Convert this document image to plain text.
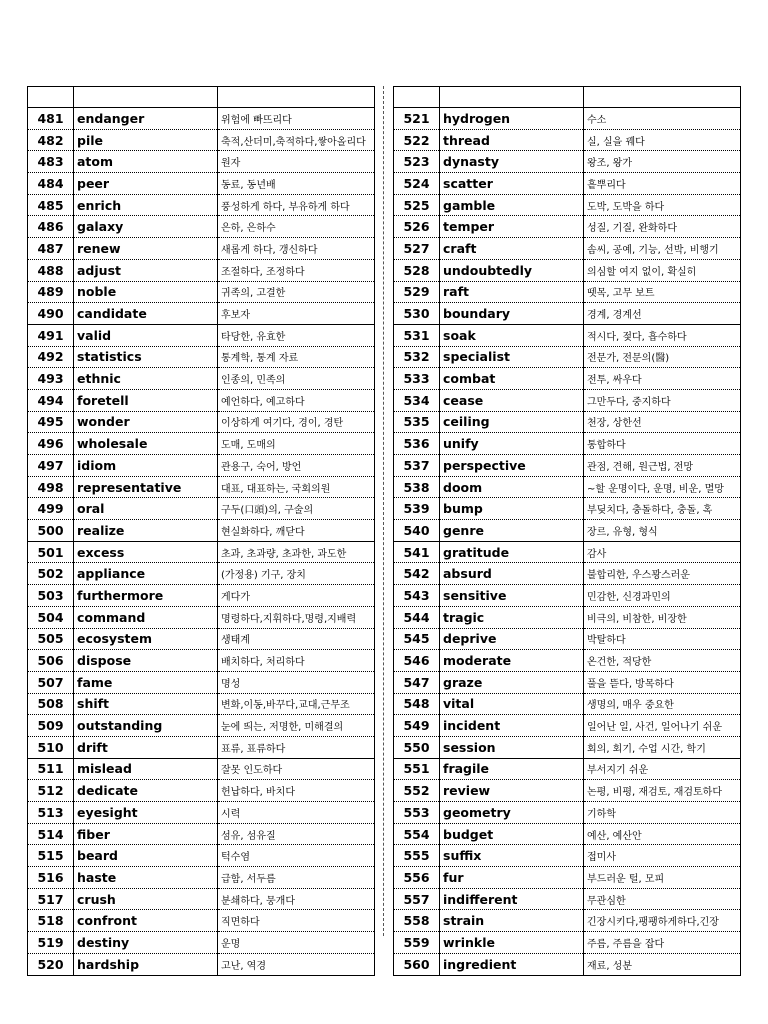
481	endanger	위험에 빠뜨리다
482	pile	축적,산더미,축적하다,쌓아올리다
483	atom	원자
484	peer	동료, 동년배
485	enrich	풍성하게 하다, 부유하게 하다
486	galaxy	은하, 은하수
487	renew	새롭게 하다, 갱신하다
488	adjust	조절하다, 조정하다
489	noble	귀족의, 고결한
490	candidate	후보자
491	valid	타당한, 유효한
492	statistics	통계학, 통계 자료
493	ethnic	인종의, 민족의
494	foretell	예언하다, 예고하다
495	wonder	이상하게 여기다, 경이, 경탄
496	wholesale	도매, 도매의
497	idiom	관용구, 숙어, 방언
498	representative	대표, 대표하는, 국회의원
499	oral	구두(口頭)의, 구술의
500	realize	현실화하다, 깨닫다
501	excess	초과, 초과량, 초과한, 과도한
502	appliance	(가정용) 기구, 장치
503	furthermore	게다가
504	command	명령하다,지휘하다,명령,지배력
505	ecosystem	생태계
506	dispose	배치하다, 처리하다
507	fame	명성
508	shift	변화,이동,바꾸다,교대,근무조
509	outstanding	눈에 띄는, 저명한, 미해결의
510	drift	표류, 표류하다
511	mislead	잘못 인도하다
512	dedicate	헌납하다, 바치다
513	eyesight	시력
514	fiber	섬유, 섬유질
515	beard	턱수염
516	haste	급함, 서두름
517	crush	분쇄하다, 뭉개다
518	confront	직면하다
519	destiny	운명
520	hardship	고난, 역경

521	hydrogen	수소
522	thread	실, 실을 꿰다
523	dynasty	왕조, 왕가
524	scatter	흩뿌리다
525	gamble	도박, 도박을 하다
526	temper	성질, 기질, 완화하다
527	craft	솜씨, 공예, 기능, 선박, 비행기
528	undoubtedly	의심할 여지 없이, 확실히
529	raft	뗏목, 고무 보트
530	boundary	경계, 경계선
531	soak	적시다, 젖다, 흡수하다
532	specialist	전문가, 전문의(醫)
533	combat	전투, 싸우다
534	cease	그만두다, 중지하다
535	ceiling	천장, 상한선
536	unify	통합하다
537	perspective	관점, 견해, 원근법, 전망
538	doom	~할 운명이다, 운명, 비운, 멸망
539	bump	부딪치다, 충돌하다, 충돌, 혹
540	genre	장르, 유형, 형식
541	gratitude	감사
542	absurd	불합리한, 우스꽝스러운
543	sensitive	민감한, 신경과민의
544	tragic	비극의, 비참한, 비장한
545	deprive	박탈하다
546	moderate	온건한, 적당한
547	graze	풀을 뜯다, 방목하다
548	vital	생명의, 매우 중요한
549	incident	일어난 일, 사건, 일어나기 쉬운
550	session	회의, 회기, 수업 시간, 학기
551	fragile	부서지기 쉬운
552	review	논평, 비평, 재검토, 재검토하다
553	geometry	기하학
554	budget	예산, 예산안
555	suffix	접미사
556	fur	부드러운 털, 모피
557	indifferent	무관심한
558	strain	긴장시키다,팽팽하게하다,긴장
559	wrinkle	주름, 주름을 잡다
560	ingredient	재료, 성분
